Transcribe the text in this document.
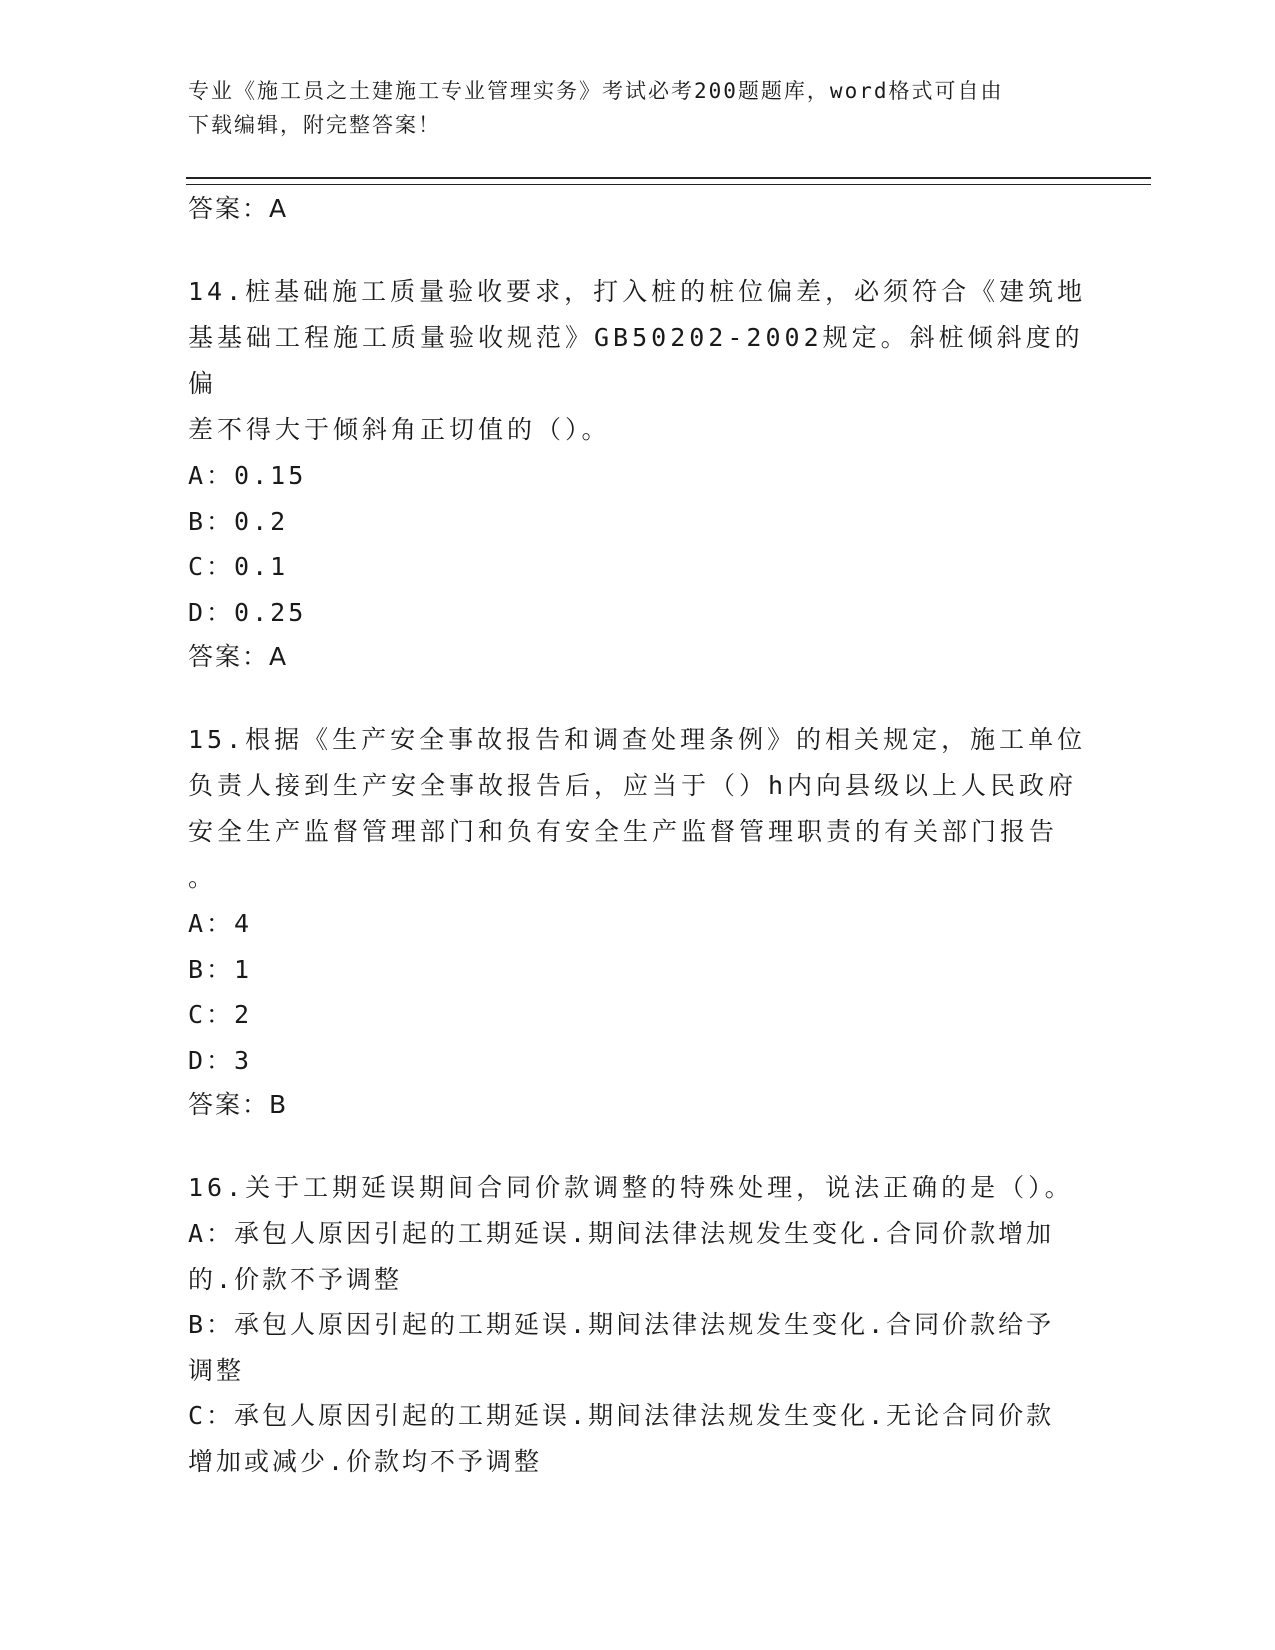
专业《施工员之土建施工专业管理实务》考试必考200题题库，word格式可自由
下载编辑，附完整答案！
答案：A

14.桩基础施工质量验收要求，打入桩的桩位偏差，必须符合《建筑地

基基础工程施工质量验收规范》GB50202-2002规定。斜桩倾斜度的偏

差不得大于倾斜角正切值的（）。

A：0.15

B：0.2

C：0.1

D：0.25

答案：A

15.根据《生产安全事故报告和调查处理条例》的相关规定，施工单位

负责人接到生产安全事故报告后，应当于（）h内向县级以上人民政府

安全生产监督管理部门和负有安全生产监督管理职责的有关部门报告

。

A：4

B：1

C：2

D：3

答案：B

16.关于工期延误期间合同价款调整的特殊处理，说法正确的是（）。

A：承包人原因引起的工期延误.期间法律法规发生变化.合同价款增加

的.价款不予调整

B：承包人原因引起的工期延误.期间法律法规发生变化.合同价款给予

调整

C：承包人原因引起的工期延误.期间法律法规发生变化.无论合同价款

增加或减少.价款均不予调整
